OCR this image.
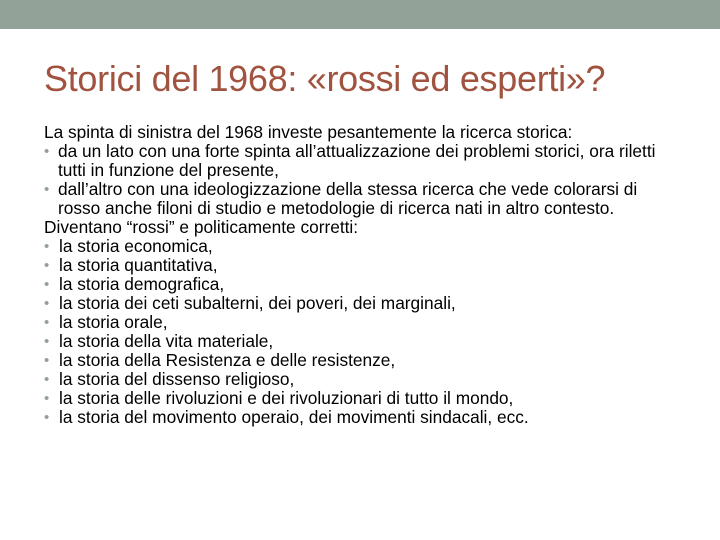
Storici del 1968: «rossi ed esperti»?

La spinta di sinistra del 1968 investe pesantemente la ricerca storica:

• da un lato con una forte spinta all’attualizzazione dei problemi storici, ora riletti tutti in funzione del presente,
• dall’altro con una ideologizzazione della stessa ricerca che vede colorarsi di rosso anche filoni di studio e metodologie di ricerca nati in altro contesto.

Diventano “rossi” e politicamente corretti:

• la storia economica,
• la storia quantitativa,
• la storia demografica,
• la storia dei ceti subalterni, dei poveri, dei marginali,
• la storia orale,
• la storia della vita materiale,
• la storia della Resistenza e delle resistenze,
• la storia del dissenso religioso,
• la storia delle rivoluzioni e dei rivoluzionari di tutto il mondo,
• la storia del movimento operaio, dei movimenti sindacali, ecc.
